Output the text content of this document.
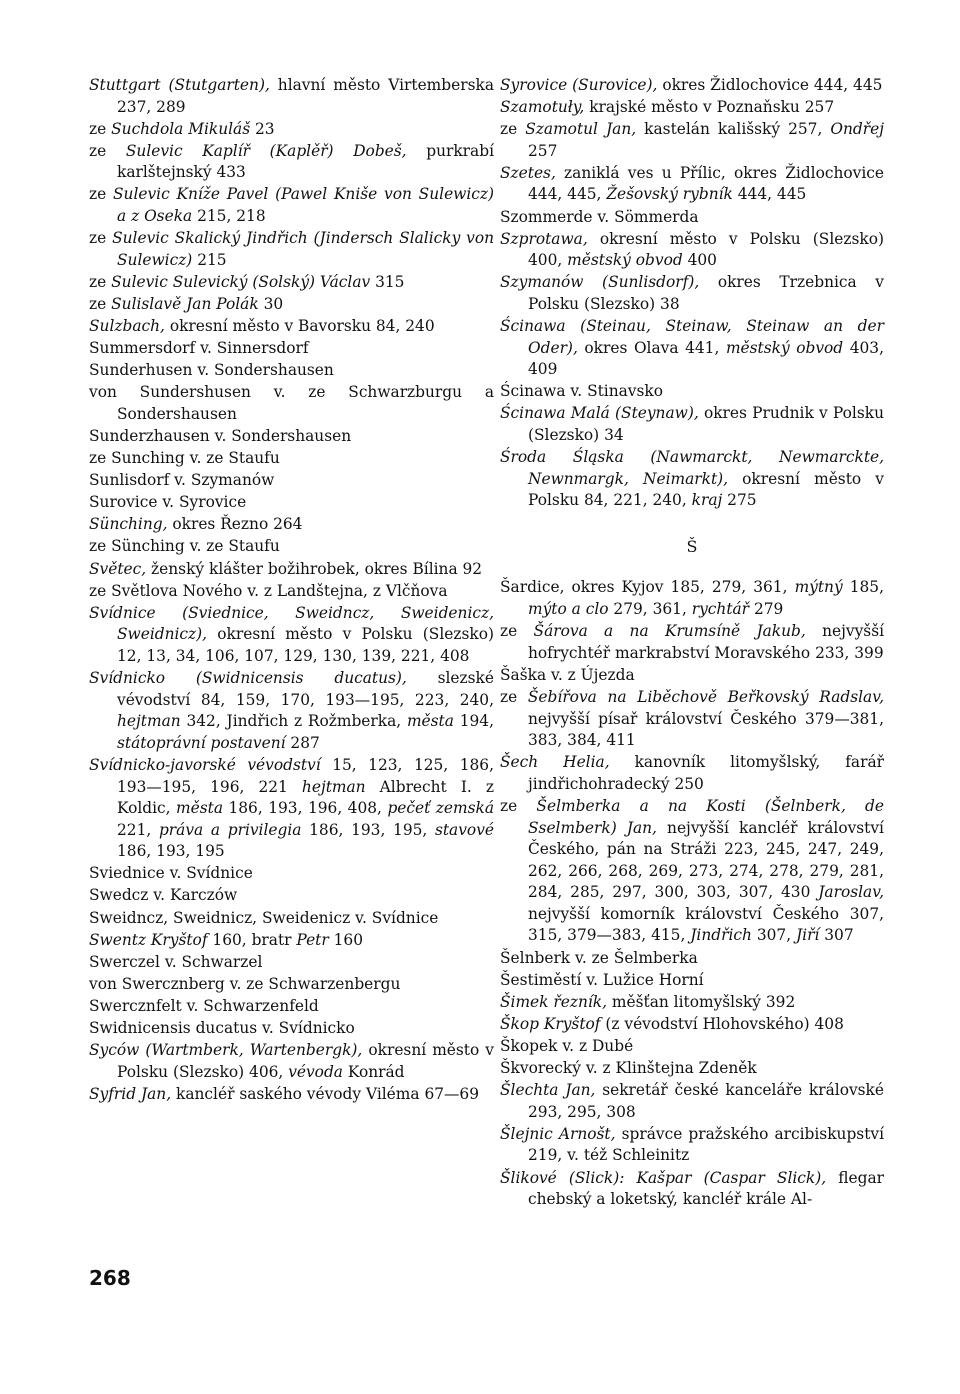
Stuttgart (Stutgarten), hlavní město Virtemberska 237, 289

ze Suchdola Mikuláš 23

ze Sulevic Kaplíř (Kaplěř) Dobeš, purkrabí karlštejnský 433

ze Sulevic Kníže Pavel (Pawel Kniše von Sulewicz) a z Oseka 215, 218

ze Sulevic Skalický Jindřich (Jindersch Slalicky von Sulewicz) 215

ze Sulevic Sulevický (Solský) Václav 315

ze Sulislavě Jan Polák 30

Sulzbach, okresní město v Bavorsku 84, 240

Summersdorf v. Sinnersdorf

Sunderhusen v. Sondershausen

von Sundershusen v. ze Schwarzburgu a Sondershausen

Sunderzhausen v. Sondershausen

ze Sunching v. ze Staufu

Sunlisdorf v. Szymanów

Surovice v. Syrovice

Sünching, okres Řezno 264

ze Sünching v. ze Staufu

Světec, ženský klášter božihrobek, okres Bílina 92

ze Světlova Nového v. z Landštejna, z Vlčňova

Svídnice (Sviednice, Sweidncz, Sweidenicz, Sweidnicz), okresní město v Polsku (Slezsko) 12, 13, 34, 106, 107, 129, 130, 139, 221, 408

Svídnicko (Swidnicensis ducatus), slezské vévodství 84, 159, 170, 193—195, 223, 240, hejtman 342, Jindřich z Rožmberka, města 194, státoprávní postavení 287

Svídnicko-javorské vévodství 15, 123, 125, 186, 193—195, 196, 221 hejtman Albrecht I. z Koldic, města 186, 193, 196, 408, pečeť zemská 221, práva a privilegia 186, 193, 195, stavové 186, 193, 195

Sviednice v. Svídnice

Swedcz v. Karczów

Sweidncz, Sweidnicz, Sweidenicz v. Svídnice

Swentz Kryštof 160, bratr Petr 160

Swerczel v. Schwarzel

von Swercznberg v. ze Schwarzenbergu

Swercznfelt v. Schwarzenfeld

Swidnicensis ducatus v. Svídnicko

Syców (Wartmberk, Wartenbergk), okresní město v Polsku (Slezsko) 406, vévoda Konrád

Syfrid Jan, kancléř saského vévody Viléma 67—69

Syrovice (Surovice), okres Židlochovice 444, 445

Szamotuły, krajské město v Poznaňsku 257

ze Szamotul Jan, kastelán kališský 257, Ondřej 257

Szetes, zaniklá ves u Přílic, okres Židlochovice 444, 445, Žešovský rybník 444, 445

Szommerde v. Sömmerda

Szprotawa, okresní město v Polsku (Slezsko) 400, městský obvod 400

Szymanów (Sunlisdorf), okres Trzebnica v Polsku (Slezsko) 38

Ścinawa (Steinau, Steinaw, Steinaw an der Oder), okres Olava 441, městský obvod 403, 409

Ścinawa v. Stinavsko

Ścinawa Malá (Steynaw), okres Prudnik v Polsku (Slezsko) 34

Środa Śląska (Nawmarckt, Newmarckte, Newnmargk, Neimarkt), okresní město v Polsku 84, 221, 240, kraj 275

Š

Šardice, okres Kyjov 185, 279, 361, mýtný 185, mýto a clo 279, 361, rychtář 279

ze Šárova a na Krumsíně Jakub, nejvyšší hofrychtéř markrabství Moravského 233, 399

Šaška v. z Újezda

ze Šebířova na Liběchově Beřkovský Radslav, nejvyšší písař království Českého 379—381, 383, 384, 411

Šech Helia, kanovník litomyšlský, farář jindřichohradecký 250

ze Šelmberka a na Kosti (Šelnberk, de Sselmberk) Jan, nejvyšší kancléř království Českého, pán na Stráži 223, 245, 247, 249, 262, 266, 268, 269, 273, 274, 278, 279, 281, 284, 285, 297, 300, 303, 307, 430 Jaroslav, nejvyšší komorník království Českého 307, 315, 379—383, 415, Jindřich 307, Jiří 307

Šelnberk v. ze Šelmberka

Šestiměstí v. Lužice Horní

Šimek řezník, měšťan litomyšlský 392

Škop Kryštof (z vévodství Hlohovského) 408

Škopek v. z Dubé

Škvorecký v. z Klinštejna Zdeněk

Šlechta Jan, sekretář české kanceláře královské 293, 295, 308

Šlejnic Arnošt, správce pražského arcibiskupství 219, v. též Schleinitz

Šlikové (Slick): Kašpar (Caspar Slick), flegar chebský a loketský, kancléř krále Al-

268
